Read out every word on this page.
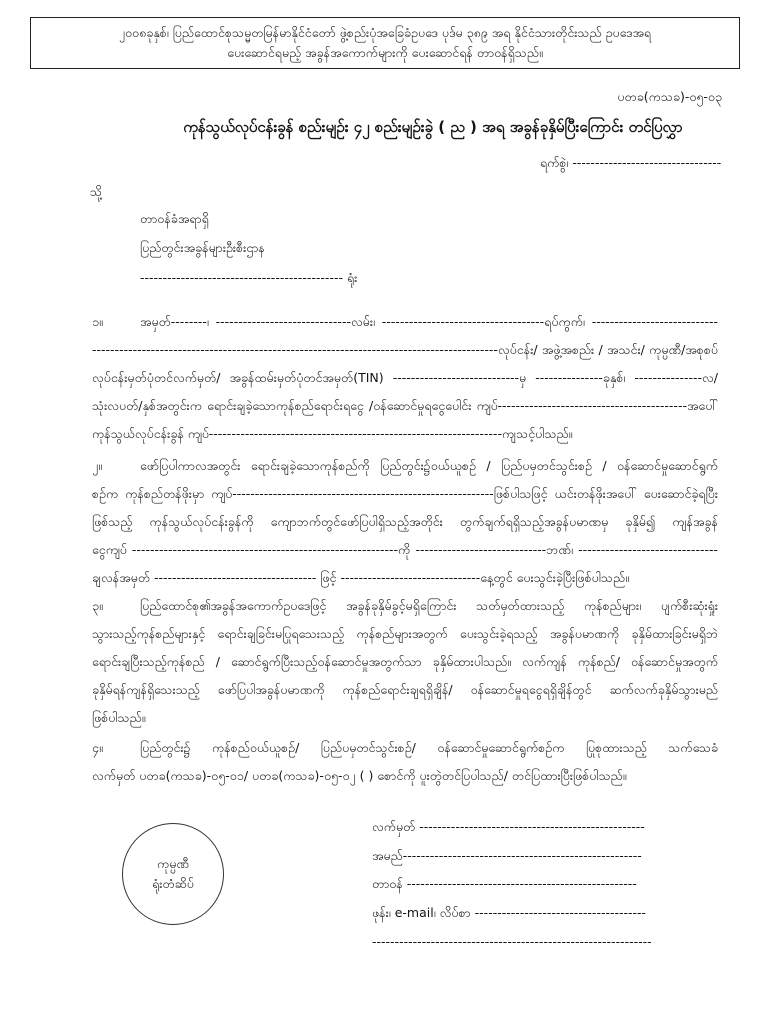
၂၀၀၈ခုနှစ်၊ ပြည်ထောင်စုသမ္မတမြန်မာနိုင်ငံတော် ဖွဲ့စည်းပုံအခြေခံဥပဒေ ပုဒ်မ ၃၈၉ အရ နိုင်ငံသားတိုင်းသည် ဥပဒေအရ
ပေးဆောင်ရမည့် အခွန်အကောက်များကို ပေးဆောင်ရန် တာဝန်ရှိသည်။
ပတခ(ကသခ)-၀၅-၀၃
ကုန်သွယ်လုပ်ငန်းခွန် စည်းမျဉ်း ၄၂ စည်းမျဉ်းခွဲ ( ည ) အရ အခွန်ခုနှိမ်ပြီးကြောင်း တင်ပြလွှာ
ရက်စွဲ၊ ---------------------------------
သို့
တာဝန်ခံအရာရှိ
ပြည်တွင်းအခွန်များဦးစီးဌာန
--------------------------------------------- ရုံး
၁။	အမှတ်--------၊ ------------------------------လမ်း၊ ------------------------------------ရပ်ကွက်၊ ----------------------------
------------------------------------------------------------------------------------------လုပ်ငန်း/ အဖွဲ့အစည်း / အသင်း/ ကုမ္ပဏီ/အစုစပ်
လုပ်ငန်းမှတ်ပုံတင်လက်မှတ်/ အခွန်ထမ်းမှတ်ပုံတင်အမှတ်(TIN) ----------------------------မှ ---------------ခုနှစ်၊ ---------------လ/
သုံးလပတ်/နှစ်အတွင်းက ရောင်းချခဲ့သောကုန်စည်ရောင်းရငွေ /ဝန်ဆောင်မှုရငွေပေါင်း ကျပ်------------------------------------------အပေါ်
ကုန်သွယ်လုပ်ငန်းခွန် ကျပ်-----------------------------------------------------------------ကျသင့်ပါသည်။
၂။	ဖော်ပြပါကာလအတွင်း ရောင်းချခဲ့သောကုန်စည်ကို ပြည်တွင်း၌ဝယ်ယူစဉ် / ပြည်ပမှတင်သွင်းစဉ် / ဝန်ဆောင်မှုဆောင်ရွက်
စဉ်က ကုန်စည်တန်ဖိုးမှာ ကျပ်----------------------------------------------------------ဖြစ်ပါသဖြင့် ယင်းတန်ဖိုးအပေါ် ပေးဆောင်ခဲ့ရပြီး
ဖြစ်သည့် ကုန်သွယ်လုပ်ငန်းခွန်ကို ကျောဘက်တွင်ဖော်ပြပါရှိသည့်အတိုင်း တွက်ချက်ရရှိသည့်အခွန်ပမာဏမှ ခုနှိမ်၍ ကျန်အခွန်
ငွေကျပ် -----------------------------------------------------------ကို -----------------------------ဘဏ်၊ -------------------------------
ချလန်အမှတ် ------------------------------------ ဖြင့် -------------------------------နေ့တွင် ပေးသွင်းခဲ့ပြီးဖြစ်ပါသည်။
၃။	ပြည်ထောင်စု၏အခွန်အကောက်ဥပဒေဖြင့် အခွန်ခုနှိမ်ခွင့်မရှိကြောင်း သတ်မှတ်ထားသည့် ကုန်စည်များ၊ ပျက်စီးဆုံးရှုံး
သွားသည့်ကုန်စည်များနှင့် ရောင်းချခြင်းမပြုရသေးသည့် ကုန်စည်များအတွက် ပေးသွင်းခဲ့ရသည့် အခွန်ပမာဏကို ခုနှိမ်ထားခြင်းမရှိဘဲ
ရောင်းချပြီးသည့်ကုန်စည် / ဆောင်ရွက်ပြီးသည့်ဝန်ဆောင်မှုအတွက်သာ ခုနှိမ်ထားပါသည်။ လက်ကျန် ကုန်စည်/ ဝန်ဆောင်မှုအတွက်
ခုနှိမ်ရန်ကျန်ရှိသေးသည့် ဖော်ပြပါအခွန်ပမာဏကို ကုန်စည်ရောင်းချရရှိချိန်/ ဝန်ဆောင်မှုရငွေရရှိချိန်တွင် ဆက်လက်ခုနှိမ်သွားမည်
ဖြစ်ပါသည်။
၄။	ပြည်တွင်း၌ ကုန်စည်ဝယ်ယူစဉ်/ ပြည်ပမှတင်သွင်းစဉ်/ ဝန်ဆောင်မှုဆောင်ရွက်စဉ်က ပြုစုထားသည့် သက်သေခံ
လက်မှတ် ပတခ(ကသခ)-၀၅-၀၁/ ပတခ(ကသခ)-၀၅-၀၂ ( ) စောင်ကို ပူးတွဲတင်ပြပါသည်/ တင်ပြထားပြီးဖြစ်ပါသည်။
လက်မှတ် --------------------------------------------------
အမည်-----------------------------------------------------
တာဝန် ---------------------------------------------------
ဖုန်း၊ e-mail၊ လိပ်စာ --------------------------------------
--------------------------------------------------------------
ကုမ္ပဏီ
ရုံးတံဆိပ်
